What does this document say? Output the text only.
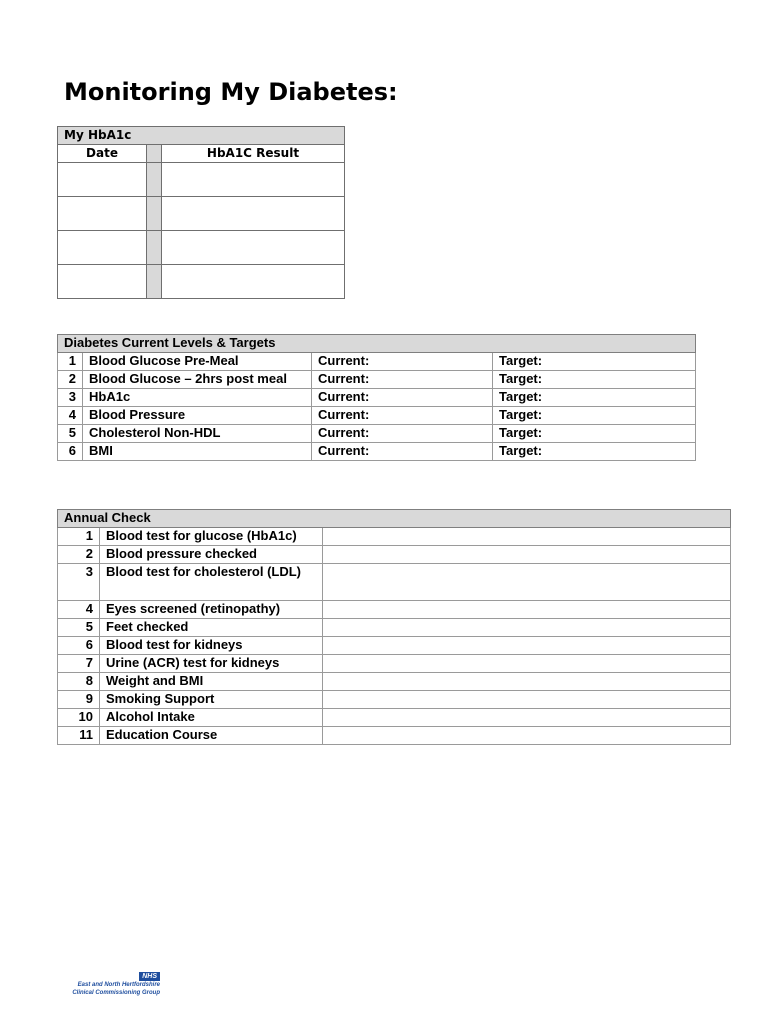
Monitoring My Diabetes:
My HbA1c		
Date		HbA1C Result

Diabetes Current Levels & Targets			
1	Blood Glucose Pre-Meal	Current:	Target:
2	Blood Glucose – 2hrs post meal	Current:	Target:
3	HbA1c	Current:	Target:
4	Blood Pressure	Current:	Target:
5	Cholesterol Non-HDL	Current:	Target:
6	BMI	Current:	Target:
Annual Check		
1	Blood test for glucose (HbA1c)	
2	Blood pressure checked	
3	Blood test for cholesterol (LDL)	
4	Eyes screened (retinopathy)	
5	Feet checked	
6	Blood test for kidneys	
7	Urine (ACR) test for kidneys	
8	Weight and BMI	
9	Smoking Support	
10	Alcohol Intake	
11	Education Course	
NHS
East and North Hertfordshire
Clinical Commissioning Group
